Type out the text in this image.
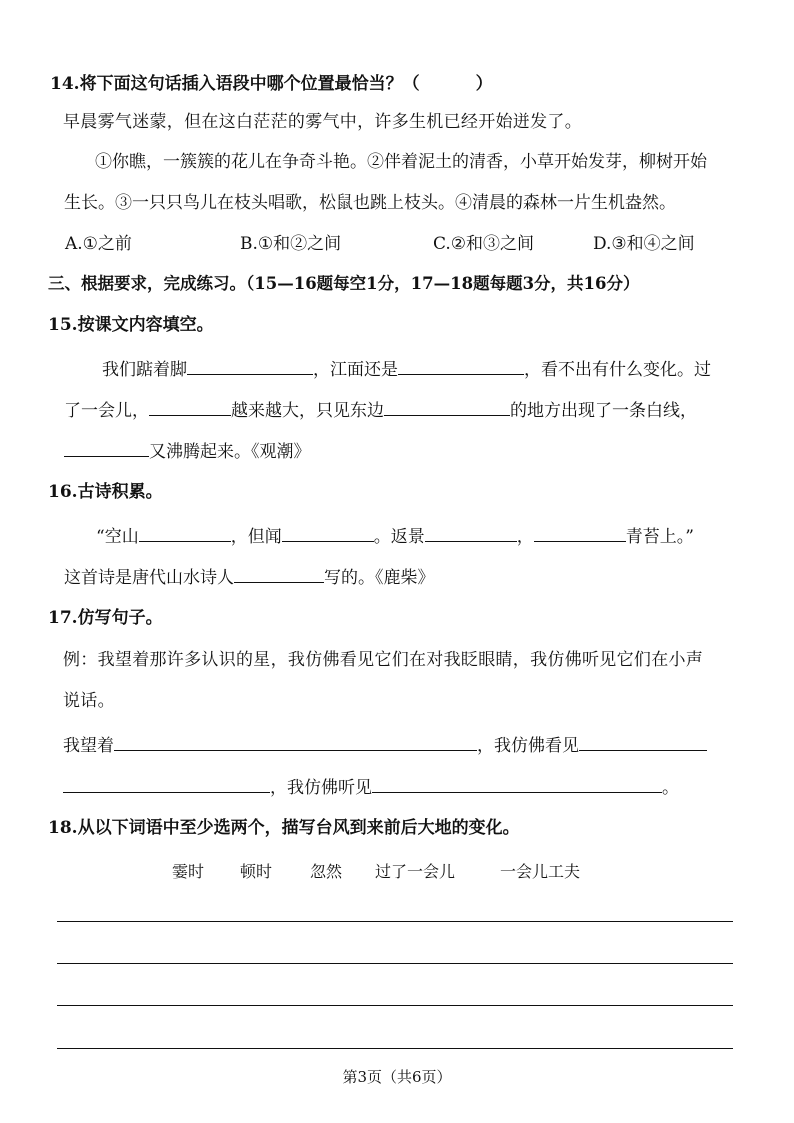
14.将下面这句话插入语段中哪个位置最恰当？（	）
早晨雾气迷蒙，但在这白茫茫的雾气中，许多生机已经开始迸发了。
①你瞧，一簇簇的花儿在争奇斗艳。②伴着泥土的清香，小草开始发芽，柳树开始
生长。③一只只鸟儿在枝头唱歌，松鼠也跳上枝头。④清晨的森林一片生机盎然。
A.①之前	B.①和②之间	C.②和③之间	D.③和④之间
三、根据要求，完成练习。（15—16题每空1分，17—18题每题3分，共16分）
15.按课文内容填空。
我们踮着脚	，江面还是	，看不出有什么变化。过
了一会儿，	越来越大，只见东边	的地方出现了一条白线，
又沸腾起来。《观潮》
16.古诗积累。
“空山	，但闻	。返景	，	青苔上。”
这首诗是唐代山水诗人	写的。《鹿柴》
17.仿写句子。
例：我望着那许多认识的星，我仿佛看见它们在对我眨眼睛，我仿佛听见它们在小声
说话。
我望着	，我仿佛看见
，我仿佛听见	。
18.从以下词语中至少选两个，描写台风到来前后大地的变化。
霎时 顿时 忽然 过了一会儿	一会儿工夫
第3页（共6页）
